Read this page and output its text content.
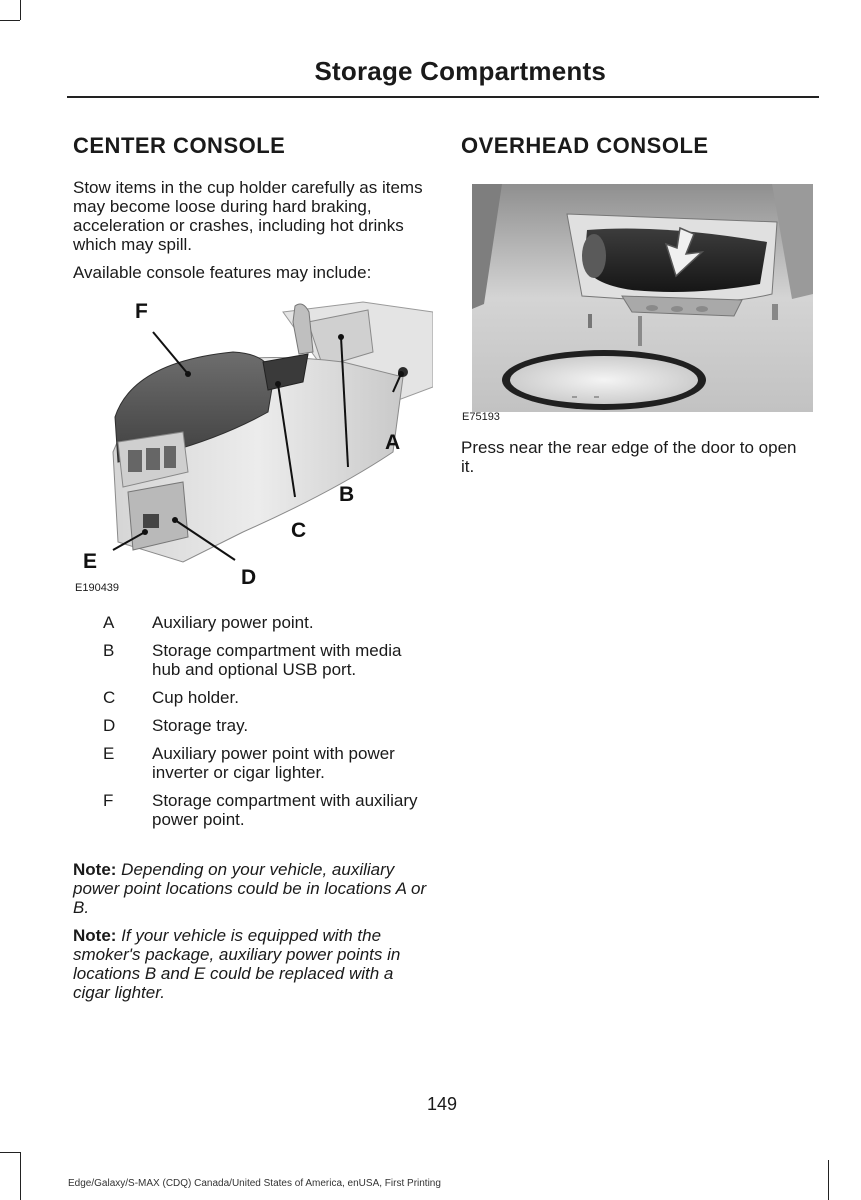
Storage Compartments
CENTER CONSOLE

Stow items in the cup holder carefully as items may become loose during hard braking, acceleration or crashes, including hot drinks which may spill.

Available console features may include:

F
A
B
C
D
E
E190439
A Auxiliary power point.
B Storage compartment with media hub and optional USB port.
C Cup holder.
D Storage tray.
E Auxiliary power point with power inverter or cigar lighter.
F Storage compartment with auxiliary power point.

Note: Depending on your vehicle, auxiliary power point locations could be in locations A or B.

Note: If your vehicle is equipped with the smoker's package, auxiliary power points in locations B and E could be replaced with a cigar lighter.

OVERHEAD CONSOLE
E75193

Press near the rear edge of the door to open it.

149
Edge/Galaxy/S-MAX (CDQ) Canada/United States of America, enUSA, First Printing
